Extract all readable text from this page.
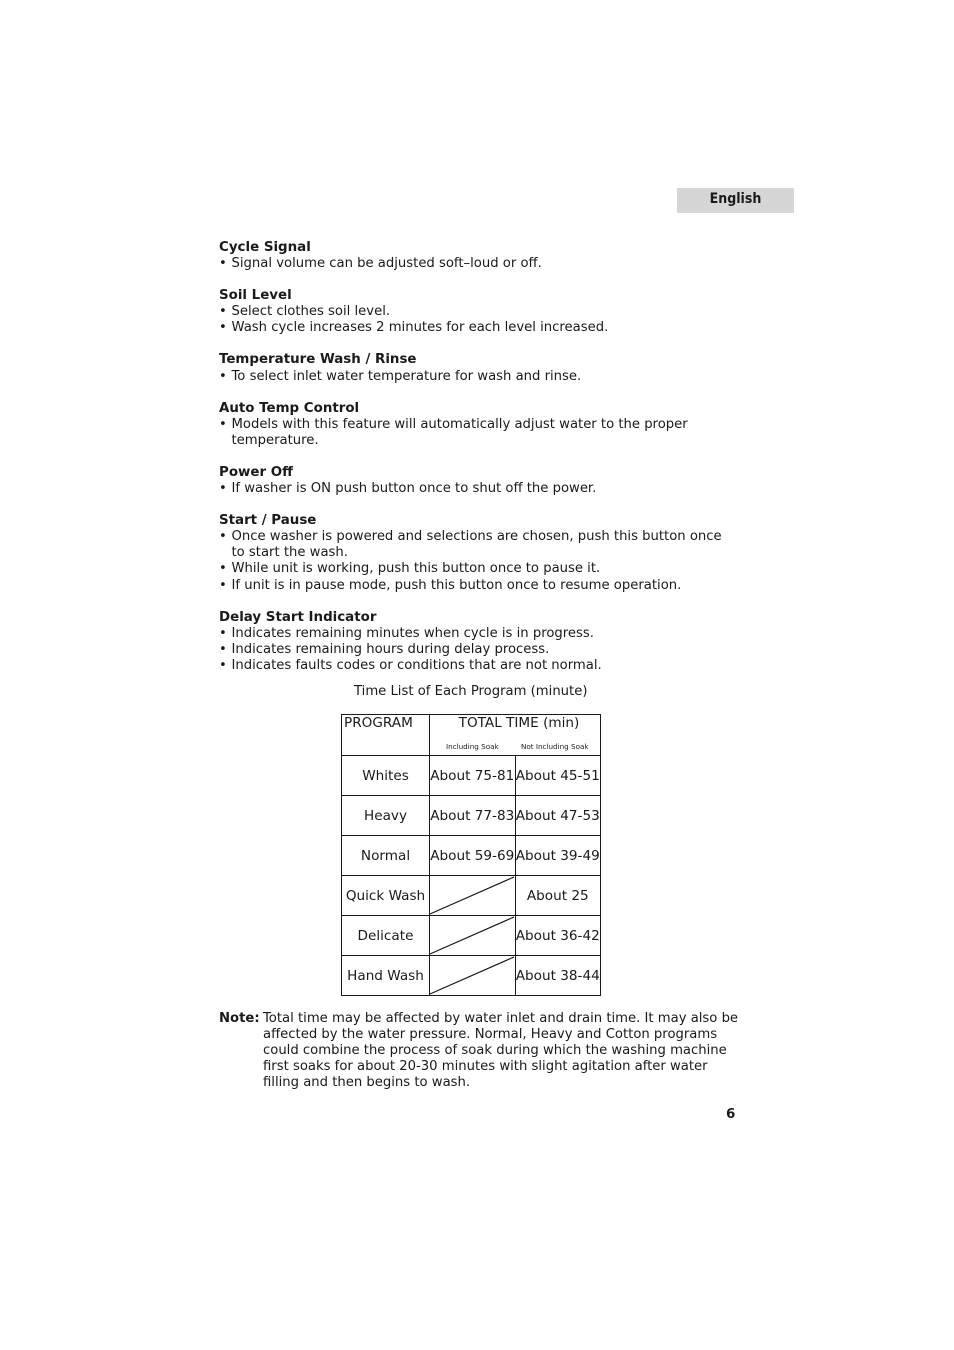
English
Cycle Signal
• Signal volume can be adjusted soft–loud or off.
Soil Level
• Select clothes soil level.
• Wash cycle increases 2 minutes for each level increased.
Temperature Wash / Rinse
• To select inlet water temperature for wash and rinse.
Auto Temp Control
• Models with this feature will automatically adjust water to the proper temperature.
Power Off
• If washer is ON push button once to shut off the power.
Start / Pause
• Once washer is powered and selections are chosen, push this button once to start the wash.
• While unit is working, push this button once to pause it.
• If unit is in pause mode, push this button once to resume operation.
Delay Start Indicator
• Indicates remaining minutes when cycle is in progress.
• Indicates remaining hours during delay process.
• Indicates faults codes or conditions that are not normal.
Time List of Each Program (minute)
PROGRAM	TOTAL TIME (min)
Including Soak Not Including Soak	

Whites	About 75-81	About 45-51
Heavy	About 77-83	About 47-53
Normal	About 59-69	About 39-49
Quick Wash		About 25
Delicate		About 36-42
Hand Wash		About 38-44
Note: Total time may be affected by water inlet and drain time. It may also be affected by the water pressure. Normal, Heavy and Cotton programs could combine the process of soak during which the washing machine first soaks for about 20-30 minutes with slight agitation after water filling and then begins to wash.
6
